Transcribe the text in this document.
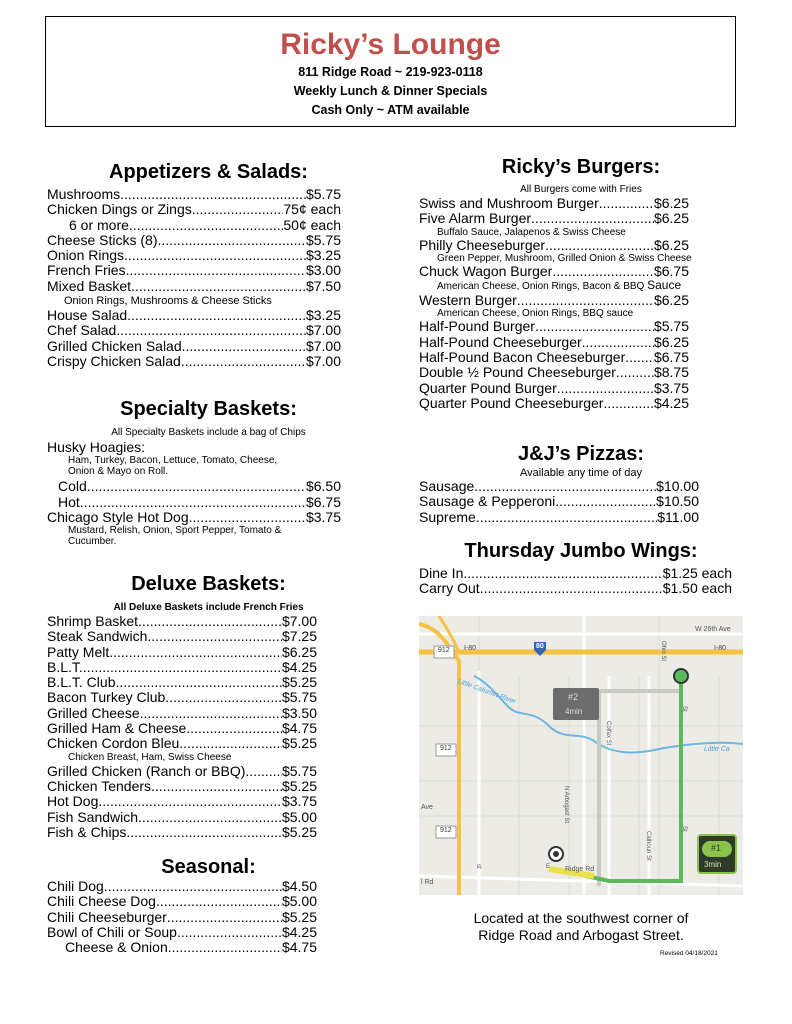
Ricky’s Lounge
811 Ridge Road ~ 219-923-0118
Weekly Lunch & Dinner Specials
Cash Only ~ ATM available
Appetizers & Salads:
Mushrooms .....	$5.75
Chicken Dings or Zings .....	75¢ each
6 or more .....	50¢ each
Cheese Sticks (8) .....	$5.75
Onion Rings .....	$3.25
French Fries .....	$3.00
Mixed Basket .....	$7.50
Onion Rings, Mushrooms & Cheese Sticks
House Salad .....	$3.25
Chef Salad .....	$7.00
Grilled Chicken Salad .....	$7.00
Crispy Chicken Salad .....	$7.00
Specialty Baskets:
All Specialty Baskets include a bag of Chips
Husky Hoagies:
Ham, Turkey, Bacon, Lettuce, Tomato, Cheese,
Onion & Mayo on Roll.
Cold .....	$6.50
Hot .....	$6.75
Chicago Style Hot Dog .....	$3.75
Mustard, Relish, Onion, Sport Pepper, Tomato &
Cucumber.
Deluxe Baskets:
All Deluxe Baskets include French Fries
Shrimp Basket .....	$7.00
Steak Sandwich .....	$7.25
Patty Melt .....	$6.25
B.L.T. .....	$4.25
B.L.T. Club .....	$5.25
Bacon Turkey Club .....	$5.75
Grilled Cheese .....	$3.50
Grilled Ham & Cheese .....	$4.75
Chicken Cordon Bleu .....	$5.25
Chicken Breast, Ham, Swiss Cheese
Grilled Chicken (Ranch or BBQ) .....	$5.75
Chicken Tenders .....	$5.25
Hot Dog .....	$3.75
Fish Sandwich .....	$5.00
Fish & Chips .....	$5.25
Seasonal:
Chili Dog .....	$4.50
Chili Cheese Dog .....	$5.00
Chili Cheeseburger .....	$5.25
Bowl of Chili or Soup .....	$4.25
Cheese & Onion .....	$4.75
Ricky’s Burgers:
All Burgers come with Fries
Swiss and Mushroom Burger .....	$6.25
Five Alarm Burger .....	$6.25
Buffalo Sauce, Jalapenos & Swiss Cheese
Philly Cheeseburger .....	$6.25
Green Pepper, Mushroom, Grilled Onion & Swiss Cheese
Chuck Wagon Burger .....	$6.75
American Cheese, Onion Rings, Bacon & BBQ Sauce
Western Burger .....	$6.25
American Cheese, Onion Rings, BBQ sauce
Half-Pound Burger .....	$5.75
Half-Pound Cheeseburger .....	$6.25
Half-Pound Bacon Cheeseburger ..... $6.75
Double ½ Pound Cheeseburger .....	$8.75
Quarter Pound Burger .....	$3.75
Quarter Pound Cheeseburger .....	$4.25
J&J’s Pizzas:
Available any time of day
Sausage .....	$10.00
Sausage & Pepperoni .....	$10.50
Supreme .....	$11.00
Thursday Jumbo Wings:
Dine In .....	$1.25 each
Carry Out .....	$1.50 each
W 26th Ave
Ohio St
I-80	I-80
80
912
912
912
Little Calumet River
Little Ca
#2
4min
#1
3min
Ridge Rd
l Rd
Ave	N Arbogast St
Colfax St
Calhoun St
St
st
St
E
Located at the southwest corner of
Ridge Road and Arbogast Street.
Revised 04/18/2021
